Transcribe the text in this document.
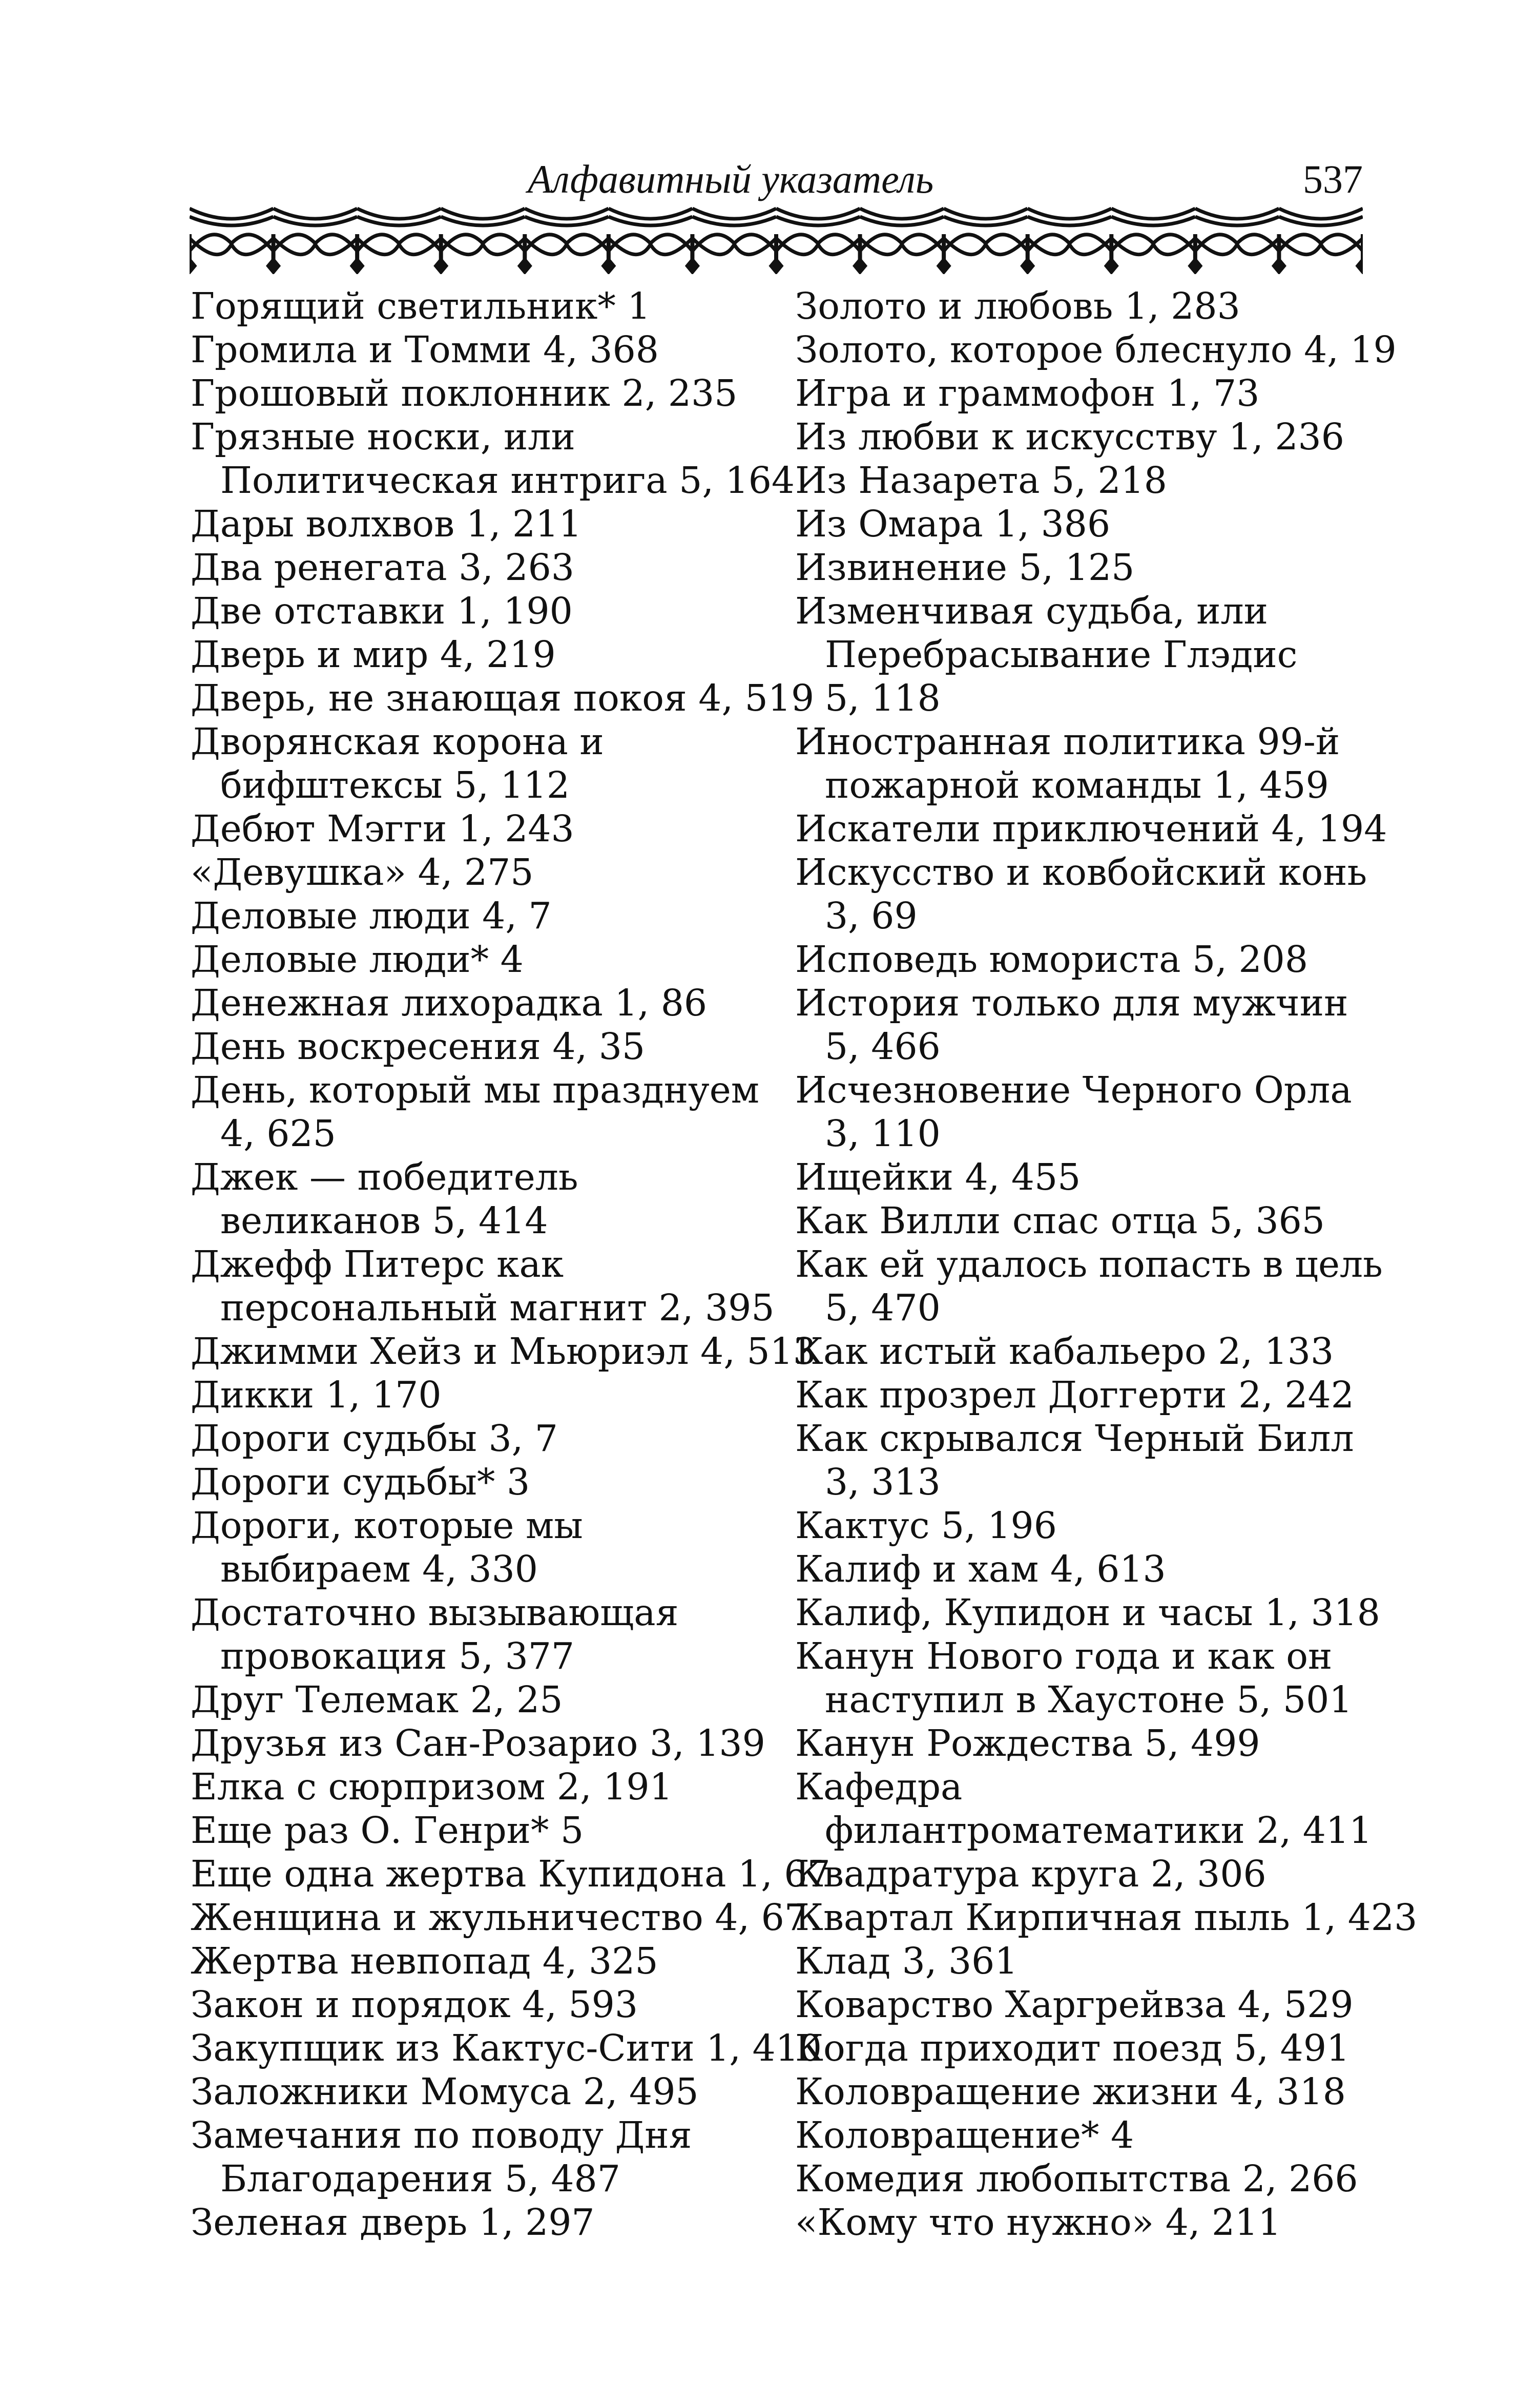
Алфавитный указатель	537
Горящий светильник* 1
Громила и Томми 4, 368
Грошовый поклонник 2, 235
Грязные носки, или
Политическая интрига 5, 164
Дары волхвов 1, 211
Два ренегата 3, 263
Две отставки 1, 190
Дверь и мир 4, 219
Дверь, не знающая покоя 4, 519
Дворянская корона и
бифштексы 5, 112
Дебют Мэгги 1, 243
«Девушка» 4, 275
Деловые люди 4, 7
Деловые люди* 4
Денежная лихорадка 1, 86
День воскресения 4, 35
День, который мы празднуем
4, 625
Джек — победитель
великанов 5, 414
Джефф Питерс как
персональный магнит 2, 395
Джимми Хейз и Мьюриэл 4, 513
Дикки 1, 170
Дороги судьбы 3, 7
Дороги судьбы* 3
Дороги, которые мы
выбираем 4, 330
Достаточно вызывающая
провокация 5, 377
Друг Телемак 2, 25
Друзья из Сан-Розарио 3, 139
Елка с сюрпризом 2, 191
Еще раз О. Генри* 5
Еще одна жертва Купидона 1, 67
Женщина и жульничество 4, 67
Жертва невпопад 4, 325
Закон и порядок 4, 593
Закупщик из Кактус-Сити 1, 410
Заложники Момуса 2, 495
Замечания по поводу Дня
Благодарения 5, 487
Зеленая дверь 1, 297
Золото и любовь 1, 283
Золото, которое блеснуло 4, 19
Игра и граммофон 1, 73
Из любви к искусству 1, 236
Из Назарета 5, 218
Из Омара 1, 386
Извинение 5, 125
Изменчивая судьба, или
Перебрасывание Глэдис
5, 118
Иностранная политика 99-й
пожарной команды 1, 459
Искатели приключений 4, 194
Искусство и ковбойский конь
3, 69
Исповедь юмориста 5, 208
История только для мужчин
5, 466
Исчезновение Черного Орла
3, 110
Ищейки 4, 455
Как Вилли спас отца 5, 365
Как ей удалось попасть в цель
5, 470
Как истый кабальеро 2, 133
Как прозрел Доггерти 2, 242
Как скрывался Черный Билл
3, 313
Кактус 5, 196
Калиф и хам 4, 613
Калиф, Купидон и часы 1, 318
Канун Нового года и как он
наступил в Хаустоне 5, 501
Канун Рождества 5, 499
Кафедра
филантроматематики 2, 411
Квадратура круга 2, 306
Квартал Кирпичная пыль 1, 423
Клад 3, 361
Коварство Харгрейвза 4, 529
Когда приходит поезд 5, 491
Коловращение жизни 4, 318
Коловращение* 4
Комедия любопытства 2, 266
«Кому что нужно» 4, 211
